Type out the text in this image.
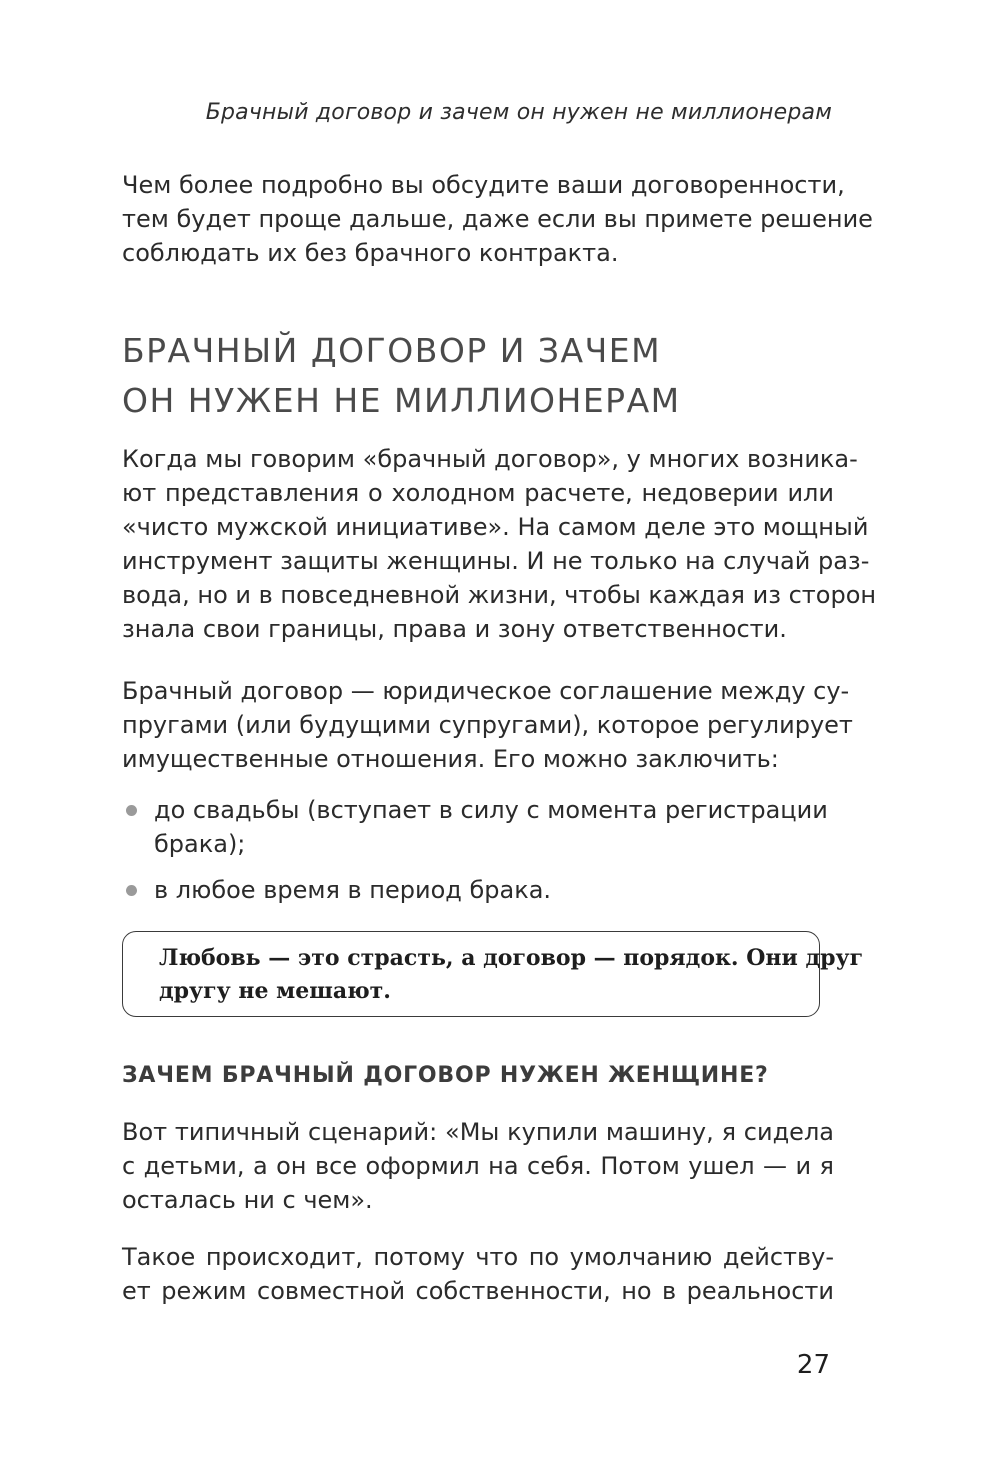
Брачный договор и зачем он нужен не миллионерам
Чем более подробно вы обсудите ваши договоренности,
тем будет проще дальше, даже если вы примете решение
соблюдать их без брачного контракта.
БРАЧНЫЙ ДОГОВОР И ЗАЧЕМ
ОН НУЖЕН НЕ МИЛЛИОНЕРАМ
Когда мы говорим «брачный договор», у многих возника-
ют представления о холодном расчете, недоверии или
«чисто мужской инициативе». На самом деле это мощный
инструмент защиты женщины. И не только на случай раз-
вода, но и в повседневной жизни, чтобы каждая из сторон
знала свои границы, права и зону ответственности.
Брачный договор — юридическое соглашение между су-
пругами (или будущими супругами), которое регулирует
имущественные отношения. Его можно заключить:
до свадьбы (вступает в силу с момента регистрации
брака);
в любое время в период брака.
Любовь — это страсть, а договор — порядок. Они друг
другу не мешают.
ЗАЧЕМ БРАЧНЫЙ ДОГОВОР НУЖЕН ЖЕНЩИНЕ?
Вот типичный сценарий: «Мы купили машину, я сидела
с детьми, а он все оформил на себя. Потом ушел — и я
осталась ни с чем».
Такое происходит, потому что по умолчанию действу-
ет режим совместной собственности, но в реальности
27
